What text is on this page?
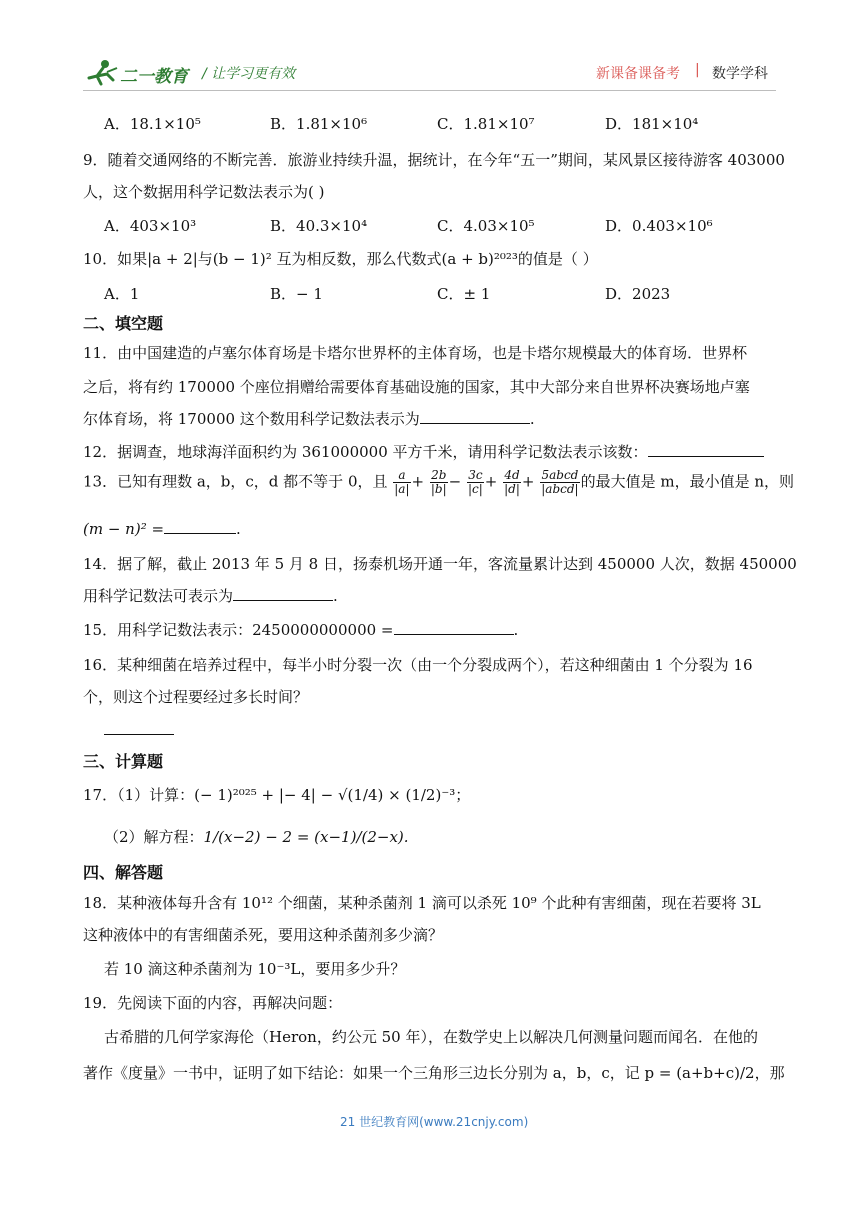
二一教育 / 让学习更有效	新课备课备考 | 数学学科
A．18.1×10⁵	B．1.81×10⁶	C．1.81×10⁷	D．181×10⁴
9．随着交通网络的不断完善．旅游业持续升温，据统计，在今年“五一”期间，某风景区接待游客 403000
人，这个数据用科学记数法表示为( )
A．403×10³	B．40.3×10⁴	C．4.03×10⁵	D．0.403×10⁶
10．如果|a + 2|与(b − 1)² 互为相反数，那么代数式(a + b)²⁰²³的值是（ ）
A．1	B．− 1	C．± 1	D．2023
二、填空题
11．由中国建造的卢塞尔体育场是卡塔尔世界杯的主体育场，也是卡塔尔规模最大的体育场．世界杯
之后，将有约 170000 个座位捐赠给需要体育基础设施的国家，其中大部分来自世界杯决赛场地卢塞
尔体育场，将 170000 这个数用科学记数法表示为	.
12．据调查，地球海洋面积约为 361000000 平方千米，请用科学记数法表示该数：
13．已知有理数 a，b，c，d 都不等于 0，且 $\frac{a}{|a|} + \frac{2b}{|b|} - \frac{3c}{|c|} + \frac{4d}{|d|} + \frac{\text{5abcd}}{\text{|abcd|}}$ 的最大值是 m，最小值是 n，则
(m − n)² =	.
14．据了解，截止 2013 年 5 月 8 日，扬泰机场开通一年，客流量累计达到 450000 人次，数据 450000
用科学记数法可表示为	.
15．用科学记数法表示：2450000000000 =	.
16．某种细菌在培养过程中，每半小时分裂一次（由一个分裂成两个），若这种细菌由 1 个分裂为 16
个，则这个过程要经过多长时间？
三、计算题
17．（1）计算：(− 1)²⁰²⁵ + |− 4| − √(1/4) × (1/2)⁻³；
（2）解方程：1/(x−2) − 2 = (x−1)/(2−x).
四、解答题
18．某种液体每升含有 10¹² 个细菌，某种杀菌剂 1 滴可以杀死 10⁹ 个此种有害细菌，现在若要将 3L
这种液体中的有害细菌杀死，要用这种杀菌剂多少滴？
若 10 滴这种杀菌剂为 10⁻³L，要用多少升？
19．先阅读下面的内容，再解决问题：
古希腊的几何学家海伦（Heron，约公元 50 年），在数学史上以解决几何测量问题而闻名．在他的
著作《度量》一书中，证明了如下结论：如果一个三角形三边长分别为 a，b，c，记 p = (a+b+c)/2，那
21 世纪教育网(www.21cnjy.com)
